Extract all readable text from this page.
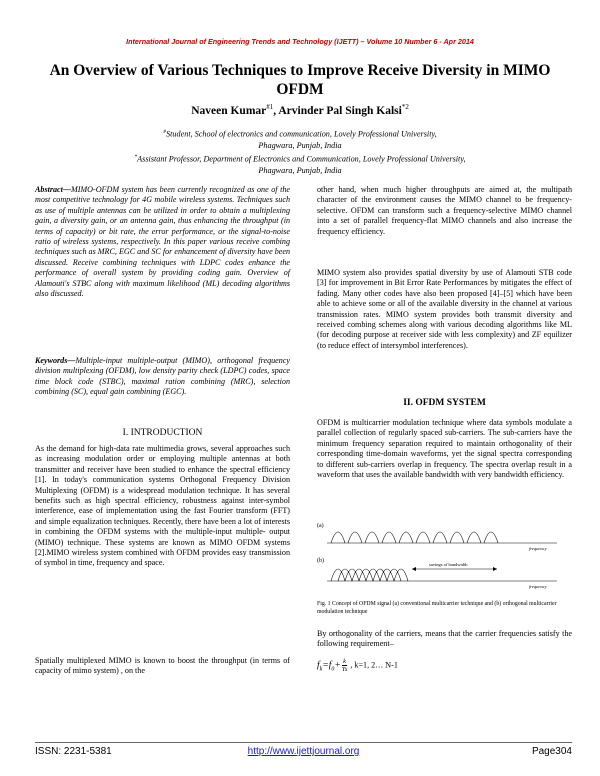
International Journal of Engineering Trends and Technology (IJETT) – Volume 10 Number 6 - Apr 2014
An Overview of Various Techniques to Improve Receive Diversity in MIMO OFDM
Naveen Kumar$^{\#1}$, Arvinder Pal Singh Kalsi$^{*2}$
#Student, School of electronics and communication, Lovely Professional University,
Phagwara, Punjab, India
*Assistant Professor, Department of Electronics and Communication, Lovely Professional University,
Phagwara, Punjab, India
Abstract—MIMO-OFDM system has been currently recognized as one of the most competitive technology for 4G mobile wireless systems. Techniques such as use of multiple antennas can be utilized in order to obtain a multiplexing gain, a diversity gain, or an antenna gain, thus enhancing the throughput (in terms of capacity) or bit rate, the error performance, or the signal-to-noise ratio of wireless systems, respectively. In this paper various receive combing techniques such as MRC, EGC and SC for enhancement of diversity have been discussed. Receive combining techniques with LDPC codes enhance the performance of overall system by providing coding gain. Overview of Alamouti's STBC along with maximum likelihood (ML) decoding algorithms also discussed.
Keywords—Multiple-input multiple-output (MIMO), orthogonal frequency division multiplexing (OFDM), low density parity check (LDPC) codes, space time block code (STBC), maximal ration combining (MRC), selection combining (SC), equal gain combining (EGC).
I. INTRODUCTION
As the demand for high-data rate multimedia grows, several approaches such as increasing modulation order or employing multiple antennas at both transmitter and receiver have been studied to enhance the spectral efficiency [1]. In today's communication systems Orthogonal Frequency Division Multiplexing (OFDM) is a widespread modulation technique. It has several benefits such as high spectral efficiency, robustness against inter-symbol interference, ease of implementation using the fast Fourier transform (FFT) and simple equalization techniques. Recently, there have been a lot of interests in combining the OFDM systems with the multiple-input multiple- output (MIMO) technique. These systems are known as MIMO OFDM systems [2].MIMO wireless system combined with OFDM provides easy transmission of symbol in time, frequency and space.
Spatially multiplexed MIMO is known to boost the throughput (in terms of capacity of mimo system) , on the
other hand, when much higher throughputs are aimed at, the multipath character of the environment causes the MIMO channel to be frequency-selective. OFDM can transform such a frequency-selective MIMO channel into a set of parallel frequency-flat MIMO channels and also increase the frequency efficiency.
MIMO system also provides spatial diversity by use of Alamouti STB code [3] for improvement in Bit Error Rate Performances by mitigates the effect of fading. Many other codes have also been proposed [4]–[5] which have been able to achieve some or all of the available diversity in the channel at various transmission rates. MIMO system provides both transmit diversity and received combing schemes along with various decoding algorithms like ML (for decoding purpose at receiver side with less complexity) and ZF equilizer (to reduce effect of intersymbol interferences).
II. OFDM SYSTEM
OFDM is multicarrier modulation technique where data symbols modulate a parallel collection of regularly spaced sub-carriers. The sub-carriers have the minimum frequency separation required to maintain orthogonality of their corresponding time-domain waveforms, yet the signal spectra corresponding to different sub-carriers overlap in frequency. The spectra overlap result in a waveform that uses the available bandwidth with very bandwidth efficiency.
(a)
frequency
(b)
savings of bandwidth
frequency
Fig. 1 Concept of OFDM signal (a) conventional multicarrier technique and (b) orthogonal multicarrier modulation technique
By orthogonality of the carriers, means that the carrier frequencies satisfy the following requirement–
$f_k=f_0+ \frac{k}{Ts}$ , k=1, 2… N-1
ISSN: 2231-5381	http://www.ijettjournal.org	Page304
